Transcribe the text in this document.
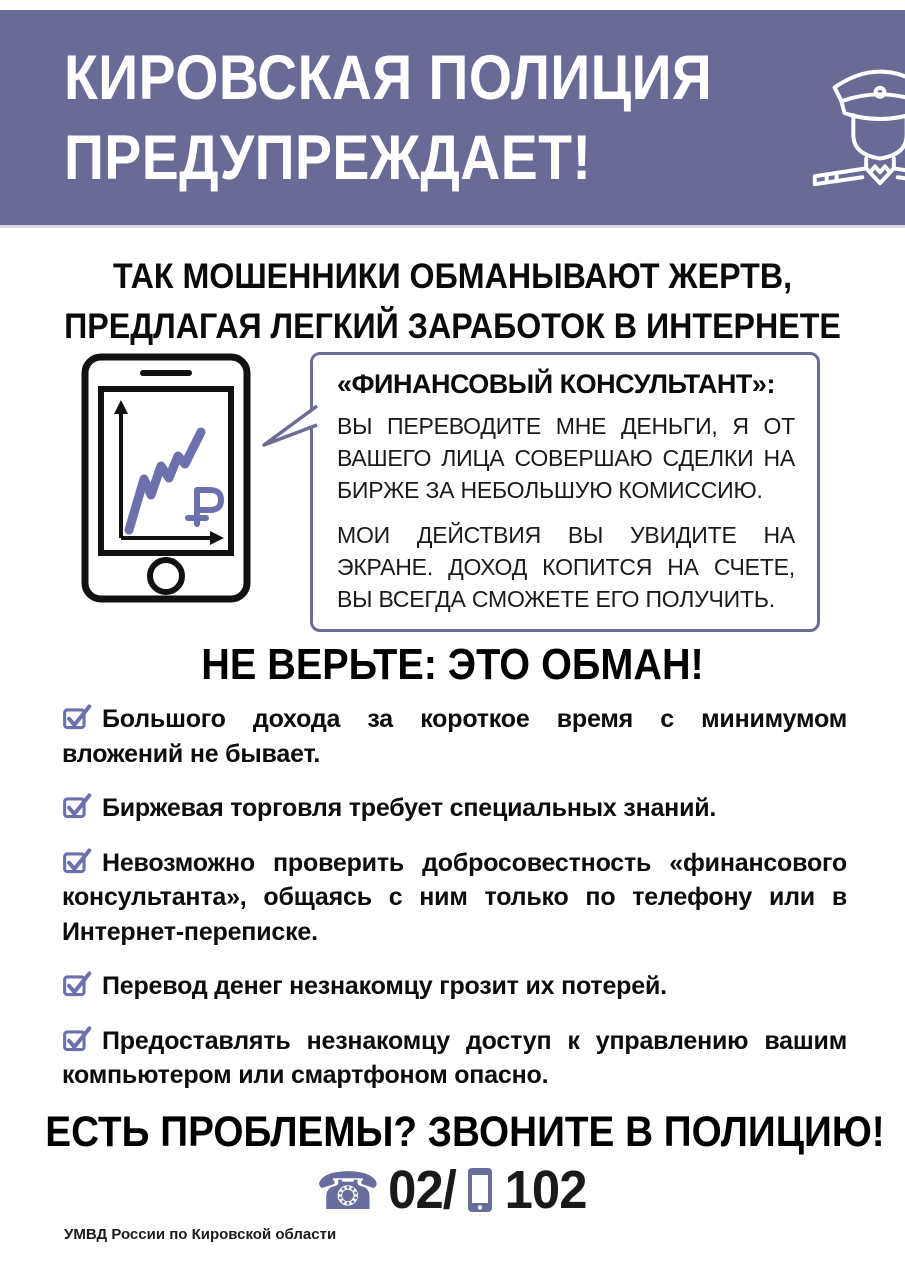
КИРОВСКАЯ ПОЛИЦИЯ
ПРЕДУПРЕЖДАЕТ!
ТАК МОШЕННИКИ ОБМАНЫВАЮТ ЖЕРТВ,
ПРЕДЛАГАЯ ЛЕГКИЙ ЗАРАБОТОК В ИНТЕРНЕТЕ
«ФИНАНСОВЫЙ КОНСУЛЬТАНТ»:

ВЫ ПЕРЕВОДИТЕ МНЕ ДЕНЬГИ, Я ОТ ВАШЕГО ЛИЦА СОВЕРШАЮ СДЕЛКИ НА БИРЖЕ ЗА НЕБОЛЬШУЮ КОМИССИЮ.

МОИ ДЕЙСТВИЯ ВЫ УВИДИТЕ НА ЭКРАНЕ. ДОХОД КОПИТСЯ НА СЧЕТЕ, ВЫ ВСЕГДА СМОЖЕТЕ ЕГО ПОЛУЧИТЬ.

НЕ ВЕРЬТЕ: ЭТО ОБМАН!
Большого дохода за короткое время с минимумом вложений не бывает.
Биржевая торговля требует специальных знаний.
Невозможно проверить добросовестность «финансового консультанта», общаясь с ним только по телефону или в Интернет-переписке.
Перевод денег незнакомцу грозит их потерей.
Предоставлять незнакомцу доступ к управлению вашим компьютером или смартфоном опасно.
ЕСТЬ ПРОБЛЕМЫ? ЗВОНИТЕ В ПОЛИЦИЮ!
☎ 02/ 102
УМВД России по Кировской области
